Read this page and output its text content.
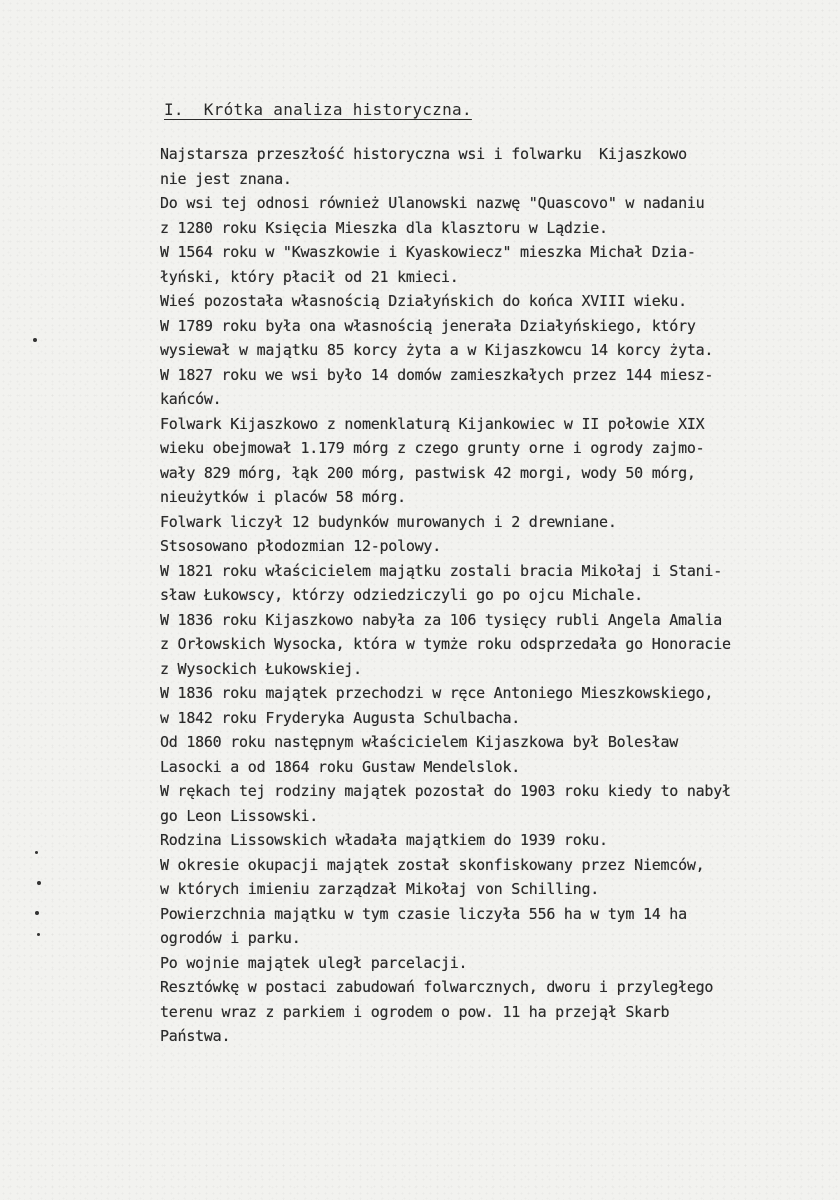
I.  Krótka analiza historyczna.
Najstarsza przeszłość historyczna wsi i folwarku  Kijaszkowo
nie jest znana.
Do wsi tej odnosi również Ulanowski nazwę "Quascovo" w nadaniu
z 1280 roku Księcia Mieszka dla klasztoru w Lądzie.
W 1564 roku w "Kwaszkowie i Kyaskowiecz" mieszka Michał Dzia-
łyński, który płacił od 21 kmieci.
Wieś pozostała własnością Działyńskich do końca XVIII wieku.
W 1789 roku była ona własnością jenerała Działyńskiego, który
wysiewał w majątku 85 korcy żyta a w Kijaszkowcu 14 korcy żyta.
W 1827 roku we wsi było 14 domów zamieszkałych przez 144 miesz-
kańców.
Folwark Kijaszkowo z nomenklaturą Kijankowiec w II połowie XIX
wieku obejmował 1.179 mórg z czego grunty orne i ogrody zajmo-
wały 829 mórg, łąk 200 mórg, pastwisk 42 morgi, wody 50 mórg,
nieużytków i placów 58 mórg.
Folwark liczył 12 budynków murowanych i 2 drewniane.
Stsosowano płodozmian 12-polowy.
W 1821 roku właścicielem majątku zostali bracia Mikołaj i Stani-
sław Łukowscy, którzy odziedziczyli go po ojcu Michale.
W 1836 roku Kijaszkowo nabyła za 106 tysięcy rubli Angela Amalia
z Orłowskich Wysocka, która w tymże roku odsprzedała go Honoracie
z Wysockich Łukowskiej.
W 1836 roku majątek przechodzi w ręce Antoniego Mieszkowskiego,
w 1842 roku Fryderyka Augusta Schulbacha.
Od 1860 roku następnym właścicielem Kijaszkowa był Bolesław
Lasocki a od 1864 roku Gustaw Mendelslok.
W rękach tej rodziny majątek pozostał do 1903 roku kiedy to nabył
go Leon Lissowski.
Rodzina Lissowskich władała majątkiem do 1939 roku.
W okresie okupacji majątek został skonfiskowany przez Niemców,
w których imieniu zarządzał Mikołaj von Schilling.
Powierzchnia majątku w tym czasie liczyła 556 ha w tym 14 ha
ogrodów i parku.
Po wojnie majątek uległ parcelacji.
Resztówkę w postaci zabudowań folwarcznych, dworu i przyległego
terenu wraz z parkiem i ogrodem o pow. 11 ha przejął Skarb
Państwa.
